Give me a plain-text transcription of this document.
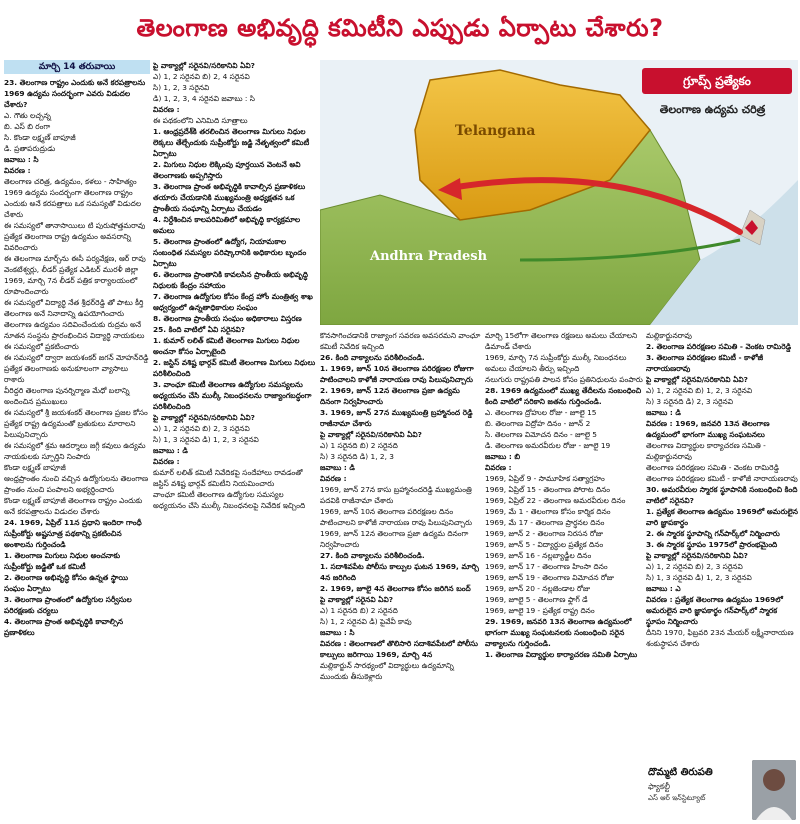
తెలంగాణ అభివృద్ధి కమిటీని ఎప్పుడు ఏర్పాటు చేశారు?
మార్చి 14 తరువాయి

23. తెలంగాణ రాష్ట్రం ఎందుకు అనే కరపత్రాలను 1969 ఉద్యమ సందర్భంగా ఎవరు విడుదల చేశారు?

ఎ. గౌతు లచ్చన్న

బి. ఎస్ బి రంగా

సి. కొండా లక్ష్మణ్ బాపూజీ

డి. ప్రతాపరుద్రుడు

జవాబు : సి

వివరణ :

తెలంగాణ చరిత్ర, ఉద్యమం, కళలు - సాహిత్యం

1969 ఉద్యమ సందర్భంగా తెలంగాణ రాష్ట్రం ఎందుకు అనే కరపత్రాలు ఒక సమస్యతో విడుదల చేశారు

ఈ సమస్యలో తానాసాయిలు టి పురుషోత్తమరావు ప్రత్యేక తెలంగాణ రాష్ట్ర ఉద్యమం అవసరాన్ని వివరించారు

ఈ తెలంగాణ మార్చ్‌ను ఈసీ పర్యవేక్షణ, ఆర్ రావు వెంకటేశ్వర్లు, లీడర్ ప్రత్యేక ఎడిటర్ మురళీ జిల్లా 1969, మార్చి 7న లీడర్ పత్రిక కార్యాలయంలో రూపొందించారు

ఈ సమస్యలో విద్యార్థి నేత శ్రీధర్‌రెడ్డి తో పాటు కీర్తి తెలంగాణ అనే నినాదాన్ని ఉపయోగించారు

తెలంగాణ ఉద్యమం సదివించేందుకు రుద్రమ అనే నూతన సంస్థను ప్రారంభించిన విద్యార్థి నాయకులు ఈ సమస్యలో ప్రకటించారు

ఈ సమస్యలో ద్వారా జయశంకర్ జగన్ మోహన్‌రెడ్డి ప్రత్యేక తెలంగాణకు అనుకూలంగా వ్యాసాలు రాశారు

వీరిద్దరి తెలంగాణ పునర్నిర్మాణ మేధో బలాన్ని అందించిన ప్రముఖులు

ఈ సమస్యలో శ్రీ జయశంకర్ తెలంగాణ ప్రజల కోసం ప్రత్యేక రాష్ట్ర ఉద్యమంతో బ్రతుకులు మారాలని పిలుపునిచ్చారు

ఈ సమస్యలో శ్రమ ఆదర్శాలు జగ్గీ కవులు ఉద్యమ నాయకులకు స్ఫూర్తిని నింపారు

కొండా లక్ష్మణ్ బాపూజీ

ఆంధ్రప్రాంతం నుంచి వచ్చిన ఉద్యోగులను తెలంగాణ ప్రాంతం నుంచి పంపాలని అభ్యర్థించారు

కొండా లక్ష్మణ్ బాపూజీ తెలంగాణ రాష్ట్రం ఎందుకు అనే కరపత్రాలను విడుదల చేశారు

24. 1969, ఏప్రిల్ 11న ప్రధాని ఇందిరా గాంధీ సుప్రీంకోర్టు అష్టసూత్ర పథకాన్ని ప్రకటించిన అంశాలను గుర్తించండి

1. తెలంగాణ మిగులు నిధుల అంచనాకు సుప్రీంకోర్టు జడ్జితో ఒక కమిటీ

2. తెలంగాణ అభివృద్ధి కోసం ఉన్నత స్థాయి సంఘం ఏర్పాటు

3. తెలంగాణ ప్రాంతంలో ఉద్యోగుల సర్వీసుల పరిరక్షణకు చర్యలు

4. తెలంగాణ ప్రాంత అభివృద్ధికి కావాల్సిన ప్రణాళికలు

పై వాక్యాల్లో సరైనవి/సరికానివి ఏవి?

ఎ) 1, 2 సరైనవి బి) 2, 4 సరైనవి

సి) 1, 2, 3 సరైనవి

డి) 1, 2, 3, 4 సరైనవి జవాబు : సి

వివరణ :

ఈ పథకంలోని ఎనిమిది సూత్రాలు

1. ఆంధ్రప్రదేశ్‌కి తరలించిన తెలంగాణ మిగులు నిధుల లెక్కలు తేల్చేందుకు సుప్రీంకోర్టు జడ్జి నేతృత్వంలో కమిటీ ఏర్పాటు

2. మిగులు నిధుల లెక్కింపు పూర్తయిన వెంటనే అవి తెలంగాణకు అప్పగిస్తారు

3. తెలంగాణ ప్రాంత అభివృద్ధికి కావాల్సిన ప్రణాళికలు తయారు చేయడానికి ముఖ్యమంత్రి అధ్యక్షతన ఒక ప్రాంతీయ సంఘాన్ని ఏర్పాటు చేయడం

4. నిర్దేశించిన కాలపరిమితిలో అభివృద్ధి కార్యక్రమాల అమలు

5. తెలంగాణ ప్రాంతంలో ఉద్యోగ, నియామకాల సంబంధిత సమస్యల పరిష్కారానికి అధికారుల బృందం ఏర్పాటు

6. తెలంగాణ ప్రాంతానికి కావలసిన ప్రాంతీయ అభివృద్ధి నిధులకు కేంద్రం సహాయం

7. తెలంగాణ ఉద్యోగుల కోసం కేంద్ర హోం మంత్రిత్వ శాఖ ఆధ్వర్యంలో ఉన్నతాధికారుల సంఘం

8. తెలంగాణ ప్రాంతీయ సంఘం అధికారాలు విస్తరణ

25. కింది వాటిలో ఏవి సరైనవి?

1. కుమార్ లలిత్ కమిటీ తెలంగాణ మిగులు నిధుల అంచనా కోసం ఏర్పాటైంది

2. జస్టిస్ వశిష్ట భార్గవ్ కమిటీ తెలంగాణ మిగులు నిధులు పరిశీలించింది

3. వాంఛూ కమిటీ తెలంగాణ ఉద్యోగుల సమస్యలను అధ్యయనం చేసి ముల్కీ నిబంధనలను రాజ్యాంగబద్ధంగా పరిశీలించింది

పై వాక్యాల్లో సరైనవి/సరికానివి ఏవి?

ఎ) 1, 2 సరైనవి బి) 2, 3 సరైనవి

సి) 1, 3 సరైనవి డి) 1, 2, 3 సరైనవి

జవాబు : డి

వివరణ :

కుమార్ లలిత్ కమిటీ నివేదికపై సందేహాలు రావడంతో జస్టిస్ వశిష్ట భార్గవ్ కమిటీని నియమించారు

వాంఛూ కమిటీ తెలంగాణ ఉద్యోగుల సమస్యల అధ్యయనం చేసి ముల్కీ నిబంధనలపై నివేదిక ఇచ్చింది

Telangana
Andhra Pradesh
గ్రూప్స్ ప్రత్యేకం
తెలంగాణ ఉద్యమ చరిత్ర

కొనసాగించడానికి రాజ్యాంగ సవరణ అవసరమని వాంఛూ కమిటీ నివేదిక ఇచ్చింది

26. కింది వాక్యాలను పరిశీలించండి.

1. 1969, జూన్ 10న తెలంగాణ పరిరక్షణల రోజుగా పాటించాలని కాళోజీ నారాయణ రావు పిలుపునిచ్చారు

2. 1969, జూన్ 12న తెలంగాణ ప్రజా ఉద్యమ దినంగా నిర్వహించారు

3. 1969, జూన్ 27న ముఖ్యమంత్రి బ్రహ్మానంద రెడ్డి రాజీనామా చేశారు

పై వాక్యాల్లో సరైనవి/సరికానివి ఏవి?

ఎ) 1 సరైనది బి) 2 సరైనది

సి) 3 సరైనది డి) 1, 2, 3

జవాబు : డి

వివరణ :

1969, జూన్ 27న కాసు బ్రహ్మానందరెడ్డి ముఖ్యమంత్రి పదవికి రాజీనామా చేశారు

1969, జూన్ 10న తెలంగాణ పరిరక్షణల దినం పాటించాలని కాళోజీ నారాయణ రావు పిలుపునిచ్చారు

1969, జూన్ 12న తెలంగాణ ప్రజా ఉద్యమ దినంగా నిర్వహించారు

27. కింది వాక్యాలను పరిశీలించండి.

1. సదాశివపేట పోలీసు కాల్పుల ఘటన 1969, మార్చి 4న జరిగింది

2. 1969, జూలై 4న తెలంగాణ కోసం జరిగిన బంద్

పై వాక్యాల్లో సరైనవి ఏవి?

ఎ) 1 సరైనది బి) 2 సరైనది

సి) 1, 2 సరైనవి డి) పైవేవీ కావు

జవాబు : సి

వివరణ : తెలంగాణలో తొలిసారి సదాశివపేటలో పోలీసు కాల్పులు జరిగాయి 1969, మార్చి 4న

మల్లికార్జున్ సారథ్యంలో విద్యార్థులు ఉద్యమాన్ని ముందుకు తీసుకెళ్లారు

మార్చి 15లోగా తెలంగాణ రక్షణలు అమలు చేయాలని డిమాండ్ చేశారు

1969, మార్చి 7న సుప్రీంకోర్టు ముల్కీ నిబంధనలు అమలు చేయాలని తీర్పు ఇచ్చింది

నలుగురు రాష్ట్రపతి పాలన కోసం ప్రతినిధులను పంపారు

28. 1969 ఉద్యమంలో ముఖ్య తేదీలను సంబంధించి కింది వాటిలో సరికాని జతను గుర్తించండి.

ఎ. తెలంగాణ ద్రోహుల రోజు - జూలై 15

బి. తెలంగాణ విద్రోహ దినం - జూన్ 2

సి. తెలంగాణ విమోచన దినం - జూలై 5

డి. తెలంగాణ అమరవీరుల రోజు - జూలై 19

జవాబు : బి

వివరణ :

1969, ఏప్రిల్ 9 - సామూహిక సత్యాగ్రహం

1969, ఏప్రిల్ 15 - తెలంగాణ పోరాట దినం

1969, ఏప్రిల్ 22 - తెలంగాణ అమరవీరుల దినం

1969, మే 1 - తెలంగాణ కోసం కార్మిక దినం

1969, మే 17 - తెలంగాణ ప్రార్థనల దినం

1969, జూన్ 2 - తెలంగాణ నిరసన రోజు

1969, జూన్ 5 - విద్యార్థుల ప్రత్యేక దినం

1969, జూన్ 16 - నల్లబ్యాడ్జీల దినం

1969, జూన్ 17 - తెలంగాణ హింసా దినం

1969, జూన్ 19 - తెలంగాణ విమోచన రోజు

1969, జూన్ 20 - నల్లజెండాల రోజు

1969, జూలై 5 - తెలంగాణ ఫ్లాగ్ డే

1969, జూలై 19 - ప్రత్యేక రాష్ట్ర దినం

29. 1969, జనవరి 13న తెలంగాణ ఉద్యమంలో భాగంగా ముఖ్య సంఘటనలకు సంబంధించి సరైన వాక్యాలను గుర్తించండి.

1. తెలంగాణ విద్యార్థుల కార్యాచరణ సమితి ఏర్పాటు

మల్లికార్జునరావు

2. తెలంగాణ పరిరక్షణల సమితి - వెంకట రామిరెడ్డి

3. తెలంగాణ పరిరక్షణల కమిటీ - కాళోజీ నారాయణరావు

పై వాక్యాల్లో సరైనవి/సరికానివి ఏవి?

ఎ) 1, 2 సరైనవి బి) 1, 2, 3 సరైనవి

సి) 3 సరైనది డి) 2, 3 సరైనవి

జవాబు : డి

వివరణ : 1969, జనవరి 13న తెలంగాణ ఉద్యమంలో భాగంగా ముఖ్య సంఘటనలు

తెలంగాణ విద్యార్థుల కార్యాచరణ సమితి - మల్లికార్జునరావు

తెలంగాణ పరిరక్షణల సమితి - వెంకట రామిరెడ్డి

తెలంగాణ పరిరక్షణల కమిటీ - కాళోజీ నారాయణరావు

30. అమరవీరుల స్మారక స్థూపానికి సంబంధించి కింది వాటిలో సరైనవి?

1. ప్రత్యేక తెలంగాణ ఉద్యమం 1969లో అమరులైన వారి జ్ఞాపకార్థం

2. ఈ స్మారక స్థూపాన్ని గన్‌పార్క్‌లో నిర్మించారు

3. ఈ స్మారక స్థూపం 1975లో ప్రారంభమైంది

పై వాక్యాల్లో సరైనవి/సరికానివి ఏవి?

ఎ) 1, 2 సరైనవి బి) 2, 3 సరైనవి

సి) 1, 3 సరైనవి డి) 1, 2, 3 సరైనవి

జవాబు : ఎ

వివరణ : ప్రత్యేక తెలంగాణ ఉద్యమం 1969లో అమరులైన వారి జ్ఞాపకార్థం గన్‌పార్క్‌లో స్మారక స్థూపం నిర్మించారు

దీనిని 1970, ఫిబ్రవరి 23న మేయర్ లక్ష్మీనారాయణ శంకుస్థాపన చేశారు

దొమ్మటి తిరుపతి
ఫ్యాకల్టీ
ఎస్ ఆర్ ఇన్‌స్టిట్యూట్
